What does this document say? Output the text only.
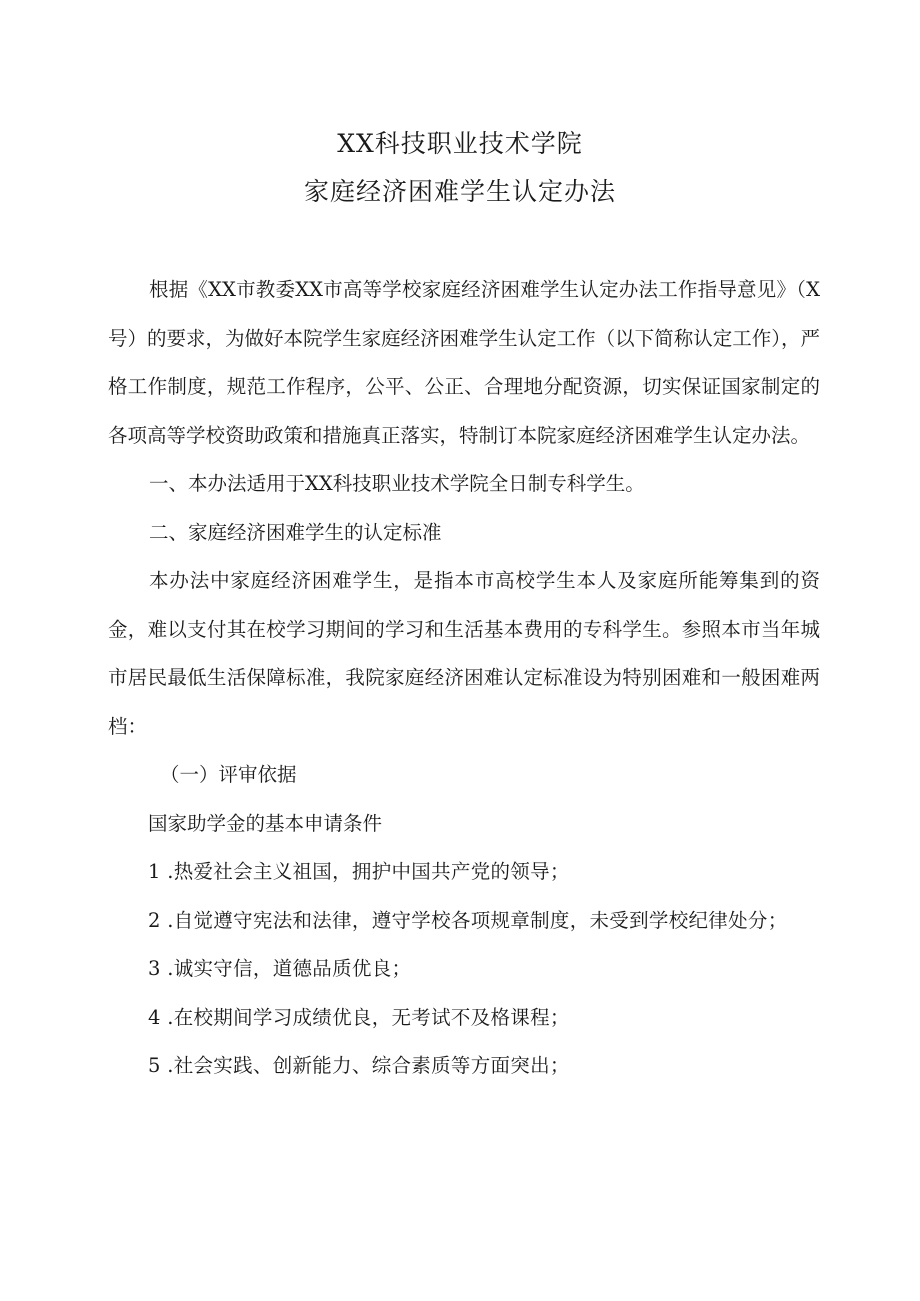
XX科技职业技术学院
家庭经济困难学生认定办法

根据《XX市教委XX市高等学校家庭经济困难学生认定办法工作指导意见》（X号）的要求，为做好本院学生家庭经济困难学生认定工作（以下简称认定工作），严格工作制度，规范工作程序，公平、公正、合理地分配资源，切实保证国家制定的各项高等学校资助政策和措施真正落实，特制订本院家庭经济困难学生认定办法。

一、本办法适用于XX科技职业技术学院全日制专科学生。

二、家庭经济困难学生的认定标准

本办法中家庭经济困难学生，是指本市高校学生本人及家庭所能筹集到的资金，难以支付其在校学习期间的学习和生活基本费用的专科学生。参照本市当年城市居民最低生活保障标准，我院家庭经济困难认定标准设为特别困难和一般困难两档：

（一）评审依据

国家助学金的基本申请条件

1 .热爱社会主义祖国，拥护中国共产党的领导；

2 .自觉遵守宪法和法律，遵守学校各项规章制度，未受到学校纪律处分；

3 .诚实守信，道德品质优良；

4 .在校期间学习成绩优良，无考试不及格课程；

5 .社会实践、创新能力、综合素质等方面突出；
